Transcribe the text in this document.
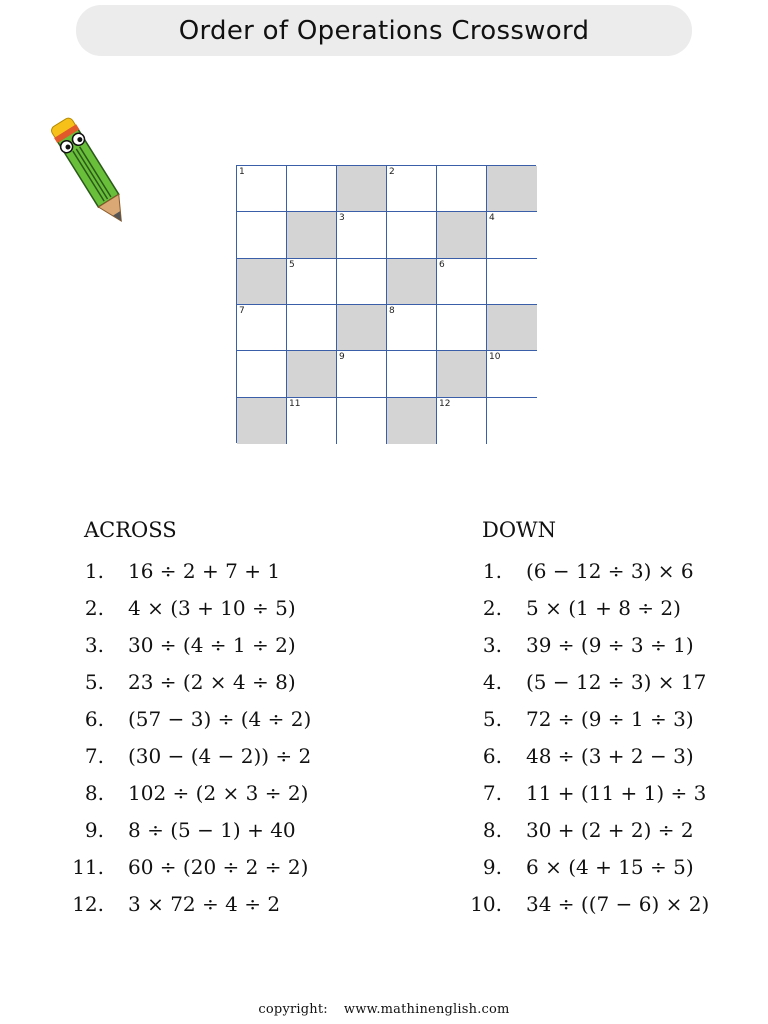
Order of Operations Crossword
1	2
3	4
5	6
7	8
9	10
11	12
ACROSS
1. 16 ÷ 2 + 7 + 1
2. 4 × (3 + 10 ÷ 5)
3. 30 ÷ (4 ÷ 1 ÷ 2)
5. 23 ÷ (2 × 4 ÷ 8)
6. (57 − 3) ÷ (4 ÷ 2)
7. (30 − (4 − 2)) ÷ 2
8. 102 ÷ (2 × 3 ÷ 2)
9. 8 ÷ (5 − 1) + 40
11. 60 ÷ (20 ÷ 2 ÷ 2)
12. 3 × 72 ÷ 4 ÷ 2
DOWN
1. (6 − 12 ÷ 3) × 6
2. 5 × (1 + 8 ÷ 2)
3. 39 ÷ (9 ÷ 3 ÷ 1)
4. (5 − 12 ÷ 3) × 17
5. 72 ÷ (9 ÷ 1 ÷ 3)
6. 48 ÷ (3 + 2 − 3)
7. 11 + (11 + 1) ÷ 3
8. 30 + (2 + 2) ÷ 2
9. 6 × (4 + 15 ÷ 5)
10. 34 ÷ ((7 − 6) × 2)
copyright: www.mathinenglish.com
